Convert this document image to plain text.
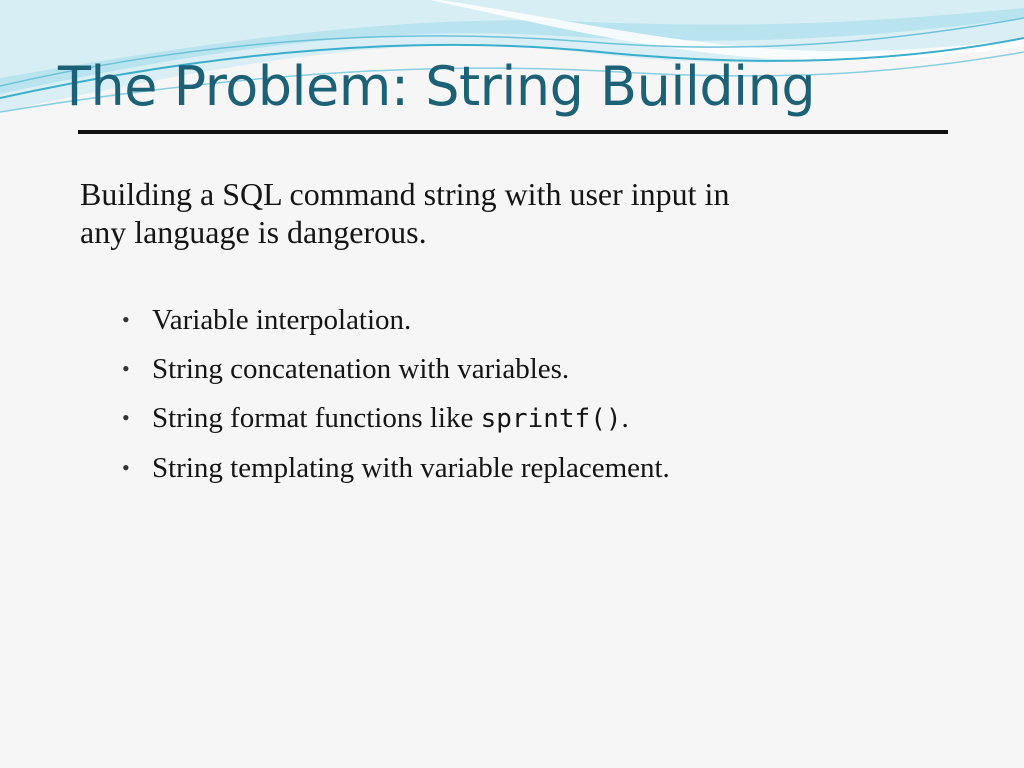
The Problem: String Building

Building a SQL command string with user input in any language is dangerous.

• Variable interpolation.
• String concatenation with variables.
• String format functions like sprintf().
• String templating with variable replacement.
